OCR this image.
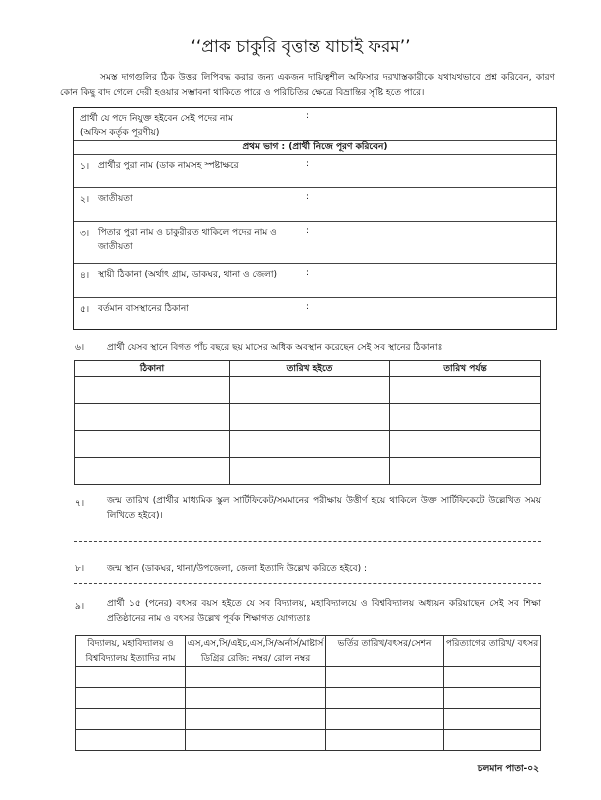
‘‘প্রাক চাকুরি বৃত্তান্ত যাচাই ফরম’’
সমস্ত দাগগুলির ঠিক উত্তর লিপিবদ্ধ করার জন্য একজন দায়িত্বশীল অফিসার দরখাস্তকারীকে যথাযথভাবে প্রশ্ন করিবেন, কারণ কোন কিছু বাদ গেলে দেরী হওয়ার সম্ভাবনা থাকিতে পারে ও পরিচিতির ক্ষেত্রে বিভ্রান্তির সৃষ্টি হতে পারে।
প্রার্থী যে পদে নিযুক্ত হইবেন সেই পদের নাম
(অফিস কর্তৃক পূরণীয়)
:
প্রথম ভাগ : (প্রার্থী নিজে পূরণ করিবেন)
১। প্রার্থীর পুরা নাম (ডাক নামসহ স্পষ্টাক্ষরে	:
২। জাতীয়তা	:
৩। পিতার পুরা নাম ও চাকুরীরত থাকিলে পদের নাম ও জাতীয়তা
:
৪। স্থায়ী ঠিকানা (অর্থাৎ গ্রাম, ডাকঘর, থানা ও জেলা)	:
৫। বর্তমান বাসস্থানের ঠিকানা	:
৬।	প্রার্থী যেসব স্থানে বিগত পাঁচ বছরে ছয় মাসের অধিক অবস্থান করেছেন সেই সব স্থানের ঠিকানাঃ
ঠিকানা	তারিখ হইতে	তারিখ পর্যন্ত

৭।	জন্ম তারিখ (প্রার্থীর মাধ্যমিক স্কুল সার্টিফিকেট/সমমানের পরীক্ষায় উত্তীর্ণ হয়ে থাকিলে উক্ত সার্টিফিকেটে উল্লেখিত সময় লিখিতে হইবে)।
৮।	জন্ম স্থান (ডাকঘর, থানা/উপজেলা, জেলা ইত্যাদি উল্লেখ করিতে হইবে) :
৯।	প্রার্থী ১৫ (পনের) বৎসর বয়স হইতে যে সব বিদ্যালয়, মহাবিদ্যালয়ে ও বিশ্ববিদ্যালয় অধ্যয়ন করিয়াছেন সেই সব শিক্ষা প্রতিষ্ঠানের নাম ও বৎসর উল্লেখ পূর্বক শিক্ষাগত যোগ্যতাঃ
বিদ্যালয়, মহাবিদ্যালয় ও বিশ্ববিদ্যালয় ইত্যাদির নাম	এস,এস,সি/এইচ,এস,সি/অর্নার্স/মাষ্টার্স ডিগ্রির রেজি: নম্বর/ রোল নম্বর	ভর্তির তারিখ/বৎসর/সেশন	পরিত্যাগের তারিখ/ বৎসর

চলমান পাতা-০২
